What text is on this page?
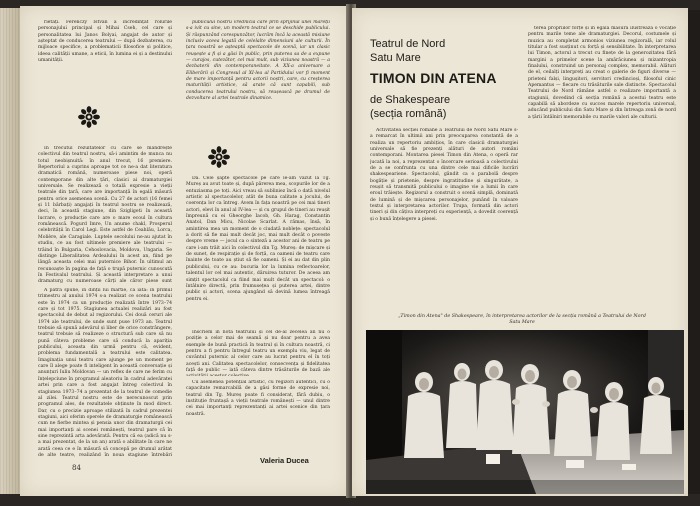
rietăți. Ferenczy István a încredințat rolurile personajului principal și Mihai Cseh, cel care și personalitatea lui Janos Bolyai, angajat de autor și așteptat de conducerea teatrului — după dezbaterea, cu mijloace specifice, a problematicii filosofice și politice, ideea calității umane, a eticii, în lumina ei și a destinului umanității.

În trecutul rezultatelor cu care se mândrește colectivul din teatrul nostru, să-i amintim de munca nu totul neobișnuită: în anul trecut, 16 premiere. Repertoriul a cuprins aproape tot ce ne-a dat literatura dramatică română, numeroase piese noi, operă contemporane din alte țări, clasici ai dramaturgiei universale. Se realizează o totală expresie a vieții teatrale din țară, care are importanță în egală măsură pentru orice asemenea scenă. Cu 27 de actori (16 femei și 11 bărbați) angajați în teatrul nostru se realizează, deci, în această stagiune, din Szigligeti în această lucrare, o producție care are o mare ecoul în cultura românească. Pogurd Imre, Un anume chakl, Prosperul celebrității în Carol Legi. Este astfel de Ceahlău, Lorca, Molière, ale Caragiale. Luptele secolului ne-au ajutat în studiu, ce au fost ultimele premiere ale teatrului — trăind în Bulgaria, Cehoslovacia, Moldova, Ungaria. Se distinge Liberalitatea Ardealului în acest an, fiind pe lângă aceasta celei mai puternice Bihor. În ultimul an recunoaște în pagina de față o trupă puternic cunoscută în Festivalul teatrului. Și această interpretare a unui dramaturg cu numeroase cărți ale căror piese sunt

A patra spune, în dinții lui martie, că iată: în primul trimestru al anului 1974 s-a realizat ce scena teatrului este în 1974 ca un producție realizată între 1973–74 care și tot 1975. Stagiunea actualei realizări au fost spectacolul de debut al regizorului. Cei două ceruri ale 1974 ale teatrului, de unde sunt puse 1973 an. Teatrul trebuie să spună adevărul și liber de orice constrângere, teatrul trebuie să realizeze o structură sub care să nu pună câteva probleme care să conducă la apariția publicului, aceasta din urmă pentru că, evident, problema fundamentală a teatrului este calitatea. Imaginația unui teatru care ajunge pe un moment pe care îl alege poate fi inteligent în această conversație și anunțuri Iuliu Moldovan — un reflex de care ne ferim cu înțelepciune în programul aleatoriu în cadrul adevăratei artei prin care a fost angajat întreg colectivul în stagiunea 1973–74 a prezentat de la teatrul de comedie al zilei. Teatrul nostru este de nerecunoscut prin programul ales, de rezultatele obținute în mod direct. Dar, cu o precizie aproape stilizată în cadrul prezentei stagiuni, aici oferim operele de dramaturgie românească cum ne fierbe mintea și pensia unor din dramaturgii cei mai importanți ai scenei românești, teatrul pare că în sine reprezintă arta adevărată. Pentru că ea (adică nu s-a mai prezentat, de la un an) arată o abilitate în care ne arată ceea ce e în măsură să concepă pe drumul arătat de alte teatre, realizând în noua stagiune întrebări

publicului nostru vrednicia care prin sprijinul unei măreții s-a ivit cu sine, un modern teatral ce se deschide publicului. Și răspunzând corespunzător, lucrăm încă la această misiune inclusiv aceea legată de celelalte dimensiuni ale culturii. În țara noastră se așteaptă spectacole de scenă, iar un clasic reușește a fi și a găsi în public, prin puterea sa de a expune — curajos, cutezător, cel mai mult, sub viziunea noastră — a dezbaterii din contemporaneitate. A XX-a aniversare a Eliberării și Congresul al XI-lea al Partidului vor fi moment de mare importanță pentru actorii noștri, care, cu creșterea maturității artistice, să arate că sunt capabili, sub conducerea teatrului nostru, să reușească pe drumul de dezvoltare al artei teatrale dinamice.

Da. Cele șapte spectacole pe care le-am văzut la Tg. Mureș au avut toate și, după părerea mea, scopurile lor de a entuziasma pe toți. Aici vreau să subliniez încă o dată nivelul artistic al spectacolelor, atât de buna calitate a jocului, de coerența lor ca întreg. Avem în fața noastră pe cei mai tineri actori, elevi în anul al IV-lea — și cu grupul de tineri au reușit împreună cu ei Gheorghe Iacob, Gh. Harag, Constantin Anatol, Dan Micu, Nicolae Scarlat. A rămas, însă, în amintirea mea un moment de o ciudată noblețe: spectacolul a dorit să fie mai mult decât joc, mai mult decât o poveste despre vreme — jocul ca o sinteză a acestor ani de teatru pe care i-am trăit aici în colectivul din Tg. Mureș: de mișcare și de sunet, de respirație și de forță, ca oameni de teatru care înainte de toate au știut să fie oameni. Și ei au dat din plin publicului, cu ce au: bucuria lor la lumina reflectoarelor, talentul lor cel mai autentic, dăruirea tuturor. De aceea am simțit spectacolul ca fiind mai mult decât un spectacol: o întâlnire directă, prin frumusețea și puterea artei, dintre public și actori, scena ajungând să devină lumea întreagă pentru ei.

Înscriem în nota teatrului și cel de-al zecelea an nu o poziție a celor mai de seamă și nu doar pentru a avea exemple de bună practică în teatrul și în cultura noastră, ci pentru a fi pentru întregul teatru un exemplu viu, legat de cuvântul puternic al celor care au lucrat pentru el în toți acești ani. Calitatea spectacolelor, consecvența și fidelitatea față de public — iată câteva dintre trăsăturile de bază ale

Cu asemenea potențial artistic, cu regizori autentici, cu o capacitate remarcabilă de a găsi forme de expresie noi, teatrul din Tg. Mureș poate fi considerat, fără dubiu, o instituție fruntașă a vieții teatrale românești — unul dintre cei mai importanți reprezentanți ai artei scenice din țara noastră.

84
Valeria Ducea
Teatrul de Nord
Satu Mare
TIMON DIN ATENA
de Shakespeare
(secția română)

Activitatea secției române a Teatrului de Nord Satu Mare s-a remarcat în ultimii ani prin preocuparea constantă de a realiza un repertoriu ambițios, în care clasicii dramaturgiei universale să fie prezenți alături de autori români contemporani. Montarea piesei Timon din Atena, o operă rar jucată la noi, a reprezentat o încercare serioasă a colectivului de a se confrunta cu una dintre cele mai dificile lucrări shakespeariene. Spectacolul, gândit ca o parabolă despre bogăție și prietenie, despre ingratitudine și singurătate, a reușit să transmită publicului o imagine vie a lumii în care eroul trăiește. Regizorul a construit o scenă simplă, dominată de lumină și de mișcarea personajelor, punând în valoare textul și interpretarea actorilor. Trupa, formată din actori tineri și din câțiva interpreți cu experiență, a dovedit coerență și o bună înțelegere a piesei.

terea propriilor forțe și în egală măsură ilustrează o vocație pentru marile teme ale dramaturgiei. Decorul, costumele și muzica au completat armonios viziunea regizorală, iar rolul titular a fost susținut cu forță și sensibilitate. În interpretarea lui Timon, actorul a trecut cu finețe de la generozitatea fără margini a primelor scene la amărăciunea și mizantropia finalului, construind un personaj complex, memorabil. Alături de el, ceilalți interpreți au creat o galerie de figuri diverse — prieteni falși, lingușitori, servitori credincioși, filosoful cinic Apemantus — fiecare cu trăsăturile sale distincte. Spectacolul Teatrului de Nord rămâne astfel o realizare importantă a stagiunii, dovedind că secția română a acestui teatru este capabilă să abordeze cu succes marele repertoriu universal, aducând publicului din Satu Mare și din întreaga zonă de nord a țării întâlniri memorabile cu marile valori ale culturii.

„Timon din Atena" de Shakespeare, în interpretarea actorilor de la secția română a Teatrului de Nord Satu Mare
